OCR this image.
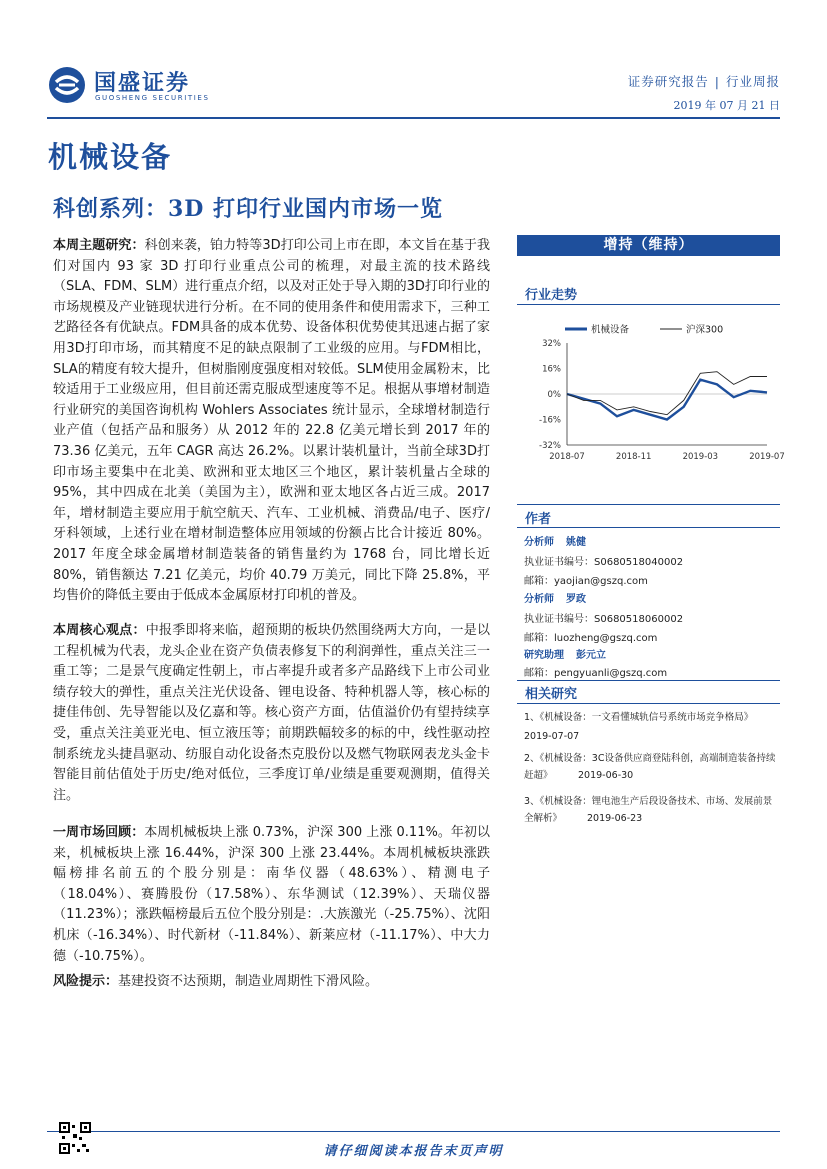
国盛证券
GUOSHENG SECURITIES
证券研究报告 | 行业周报
2019 年 07 月 21 日
机械设备
科创系列：3D 打印行业国内市场一览
本周主题研究：科创来袭，铂力特等3D打印公司上市在即，本文旨在基于我们对国内 93 家 3D 打印行业重点公司的梳理，对最主流的技术路线（SLA、FDM、SLM）进行重点介绍，以及对正处于导入期的3D打印行业的市场规模及产业链现状进行分析。在不同的使用条件和使用需求下，三种工艺路径各有优缺点。FDM具备的成本优势、设备体积优势使其迅速占据了家用3D打印市场，而其精度不足的缺点限制了工业级的应用。与FDM相比，SLA的精度有较大提升，但树脂刚度强度相对较低。SLM使用金属粉末，比较适用于工业级应用，但目前还需克服成型速度等不足。根据从事增材制造行业研究的美国咨询机构 Wohlers Associates 统计显示，全球增材制造行业产值（包括产品和服务）从 2012 年的 22.8 亿美元增长到 2017 年的 73.36 亿美元，五年 CAGR 高达 26.2%。以累计装机量计，当前全球3D打印市场主要集中在北美、欧洲和亚太地区三个地区，累计装机量占全球的 95%，其中四成在北美（美国为主），欧洲和亚太地区各占近三成。2017 年，增材制造主要应用于航空航天、汽车、工业机械、消费品/电子、医疗/牙科领域，上述行业在增材制造整体应用领域的份额占比合计接近 80%。2017 年度全球金属增材制造装备的销售量约为 1768 台，同比增长近 80%，销售额达 7.21 亿美元，均价 40.79 万美元，同比下降 25.8%，平均售价的降低主要由于低成本金属原材打印机的普及。
本周核心观点：中报季即将来临，超预期的板块仍然围绕两大方向，一是以工程机械为代表，龙头企业在资产负债表修复下的利润弹性，重点关注三一重工等；二是景气度确定性朝上，市占率提升或者多产品路线下上市公司业绩存较大的弹性，重点关注光伏设备、锂电设备、特种机器人等，核心标的捷佳伟创、先导智能以及亿嘉和等。核心资产方面，估值溢价仍有望持续享受，重点关注美亚光电、恒立液压等；前期跌幅较多的标的中，线性驱动控制系统龙头捷昌驱动、纺服自动化设备杰克股份以及燃气物联网表龙头金卡智能目前估值处于历史/绝对低位，三季度订单/业绩是重要观测期，值得关注。
一周市场回顾：本周机械板块上涨 0.73%，沪深 300 上涨 0.11%。年初以来，机械板块上涨 16.44%，沪深 300 上涨 23.44%。本周机械板块涨跌幅榜排名前五的个股分别是：南华仪器（48.63%）、精测电子（18.04%）、赛腾股份（17.58%）、东华测试（12.39%）、天瑞仪器（11.23%）；涨跌幅榜最后五位个股分别是：.大族激光（-25.75%）、沈阳机床（-16.34%）、时代新材（-11.84%）、新莱应材（-11.17%）、中大力德（-10.75%）。
风险提示：基建投资不达预期，制造业周期性下滑风险。
增持（维持）
行业走势
32%
16%
0%
-16%
-32%
2018-07	2018-11	2019-03	2019-07
机械设备	沪深300
作者
分析师 姚健
执业证书编号：S0680518040002
邮箱：yaojian@gszq.com
分析师 罗政
执业证书编号：S0680518060002
邮箱：luozheng@gszq.com
研究助理 彭元立
邮箱：pengyuanli@gszq.com
相关研究
1、《机械设备：一文看懂城轨信号系统市场竞争格局》
2019-07-07
2、《机械设备：3C设备供应商登陆科创，高端制造装备持续赶超》	2019-06-30
3、《机械设备：锂电池生产后段设备技术、市场、发展前景全解析》	2019-06-23
请仔细阅读本报告末页声明
